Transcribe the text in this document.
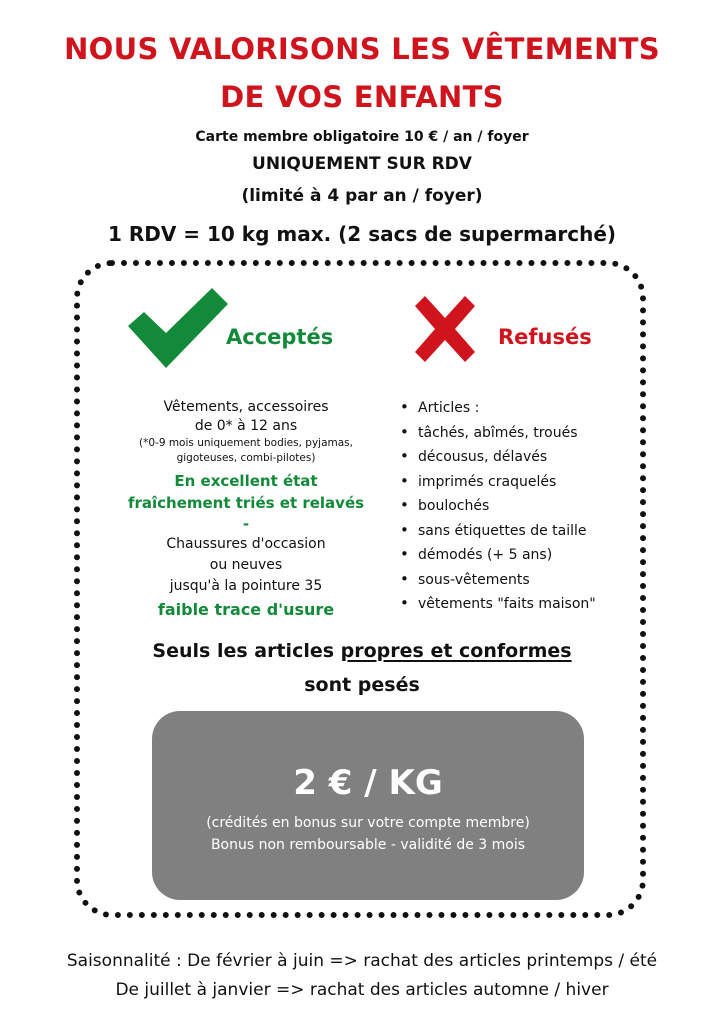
NOUS VALORISONS LES VÊTEMENTS
DE VOS ENFANTS
Carte membre obligatoire 10 € / an / foyer
UNIQUEMENT SUR RDV
(limité à 4 par an / foyer)
1 RDV = 10 kg max. (2 sacs de supermarché)
Acceptés	Refusés
Vêtements, accessoires
de 0* à 12 ans
(*0-9 mois uniquement bodies, pyjamas,
gigoteuses, combi-pilotes)
En excellent état
fraîchement triés et relavés
-
Chaussures d'occasion
ou neuves
jusqu'à la pointure 35
faible trace d'usure
• Articles :
• tâchés, abîmés, troués
• décousus, délavés
• imprimés craquelés
• boulochés
• sans étiquettes de taille
• démodés (+ 5 ans)
• sous-vêtements
• vêtements "faits maison"
Seuls les articles propres et conformes
sont pesés
2 € / KG
(crédités en bonus sur votre compte membre)
Bonus non remboursable - validité de 3 mois
Saisonnalité : De février à juin => rachat des articles printemps / été
De juillet à janvier => rachat des articles automne / hiver
